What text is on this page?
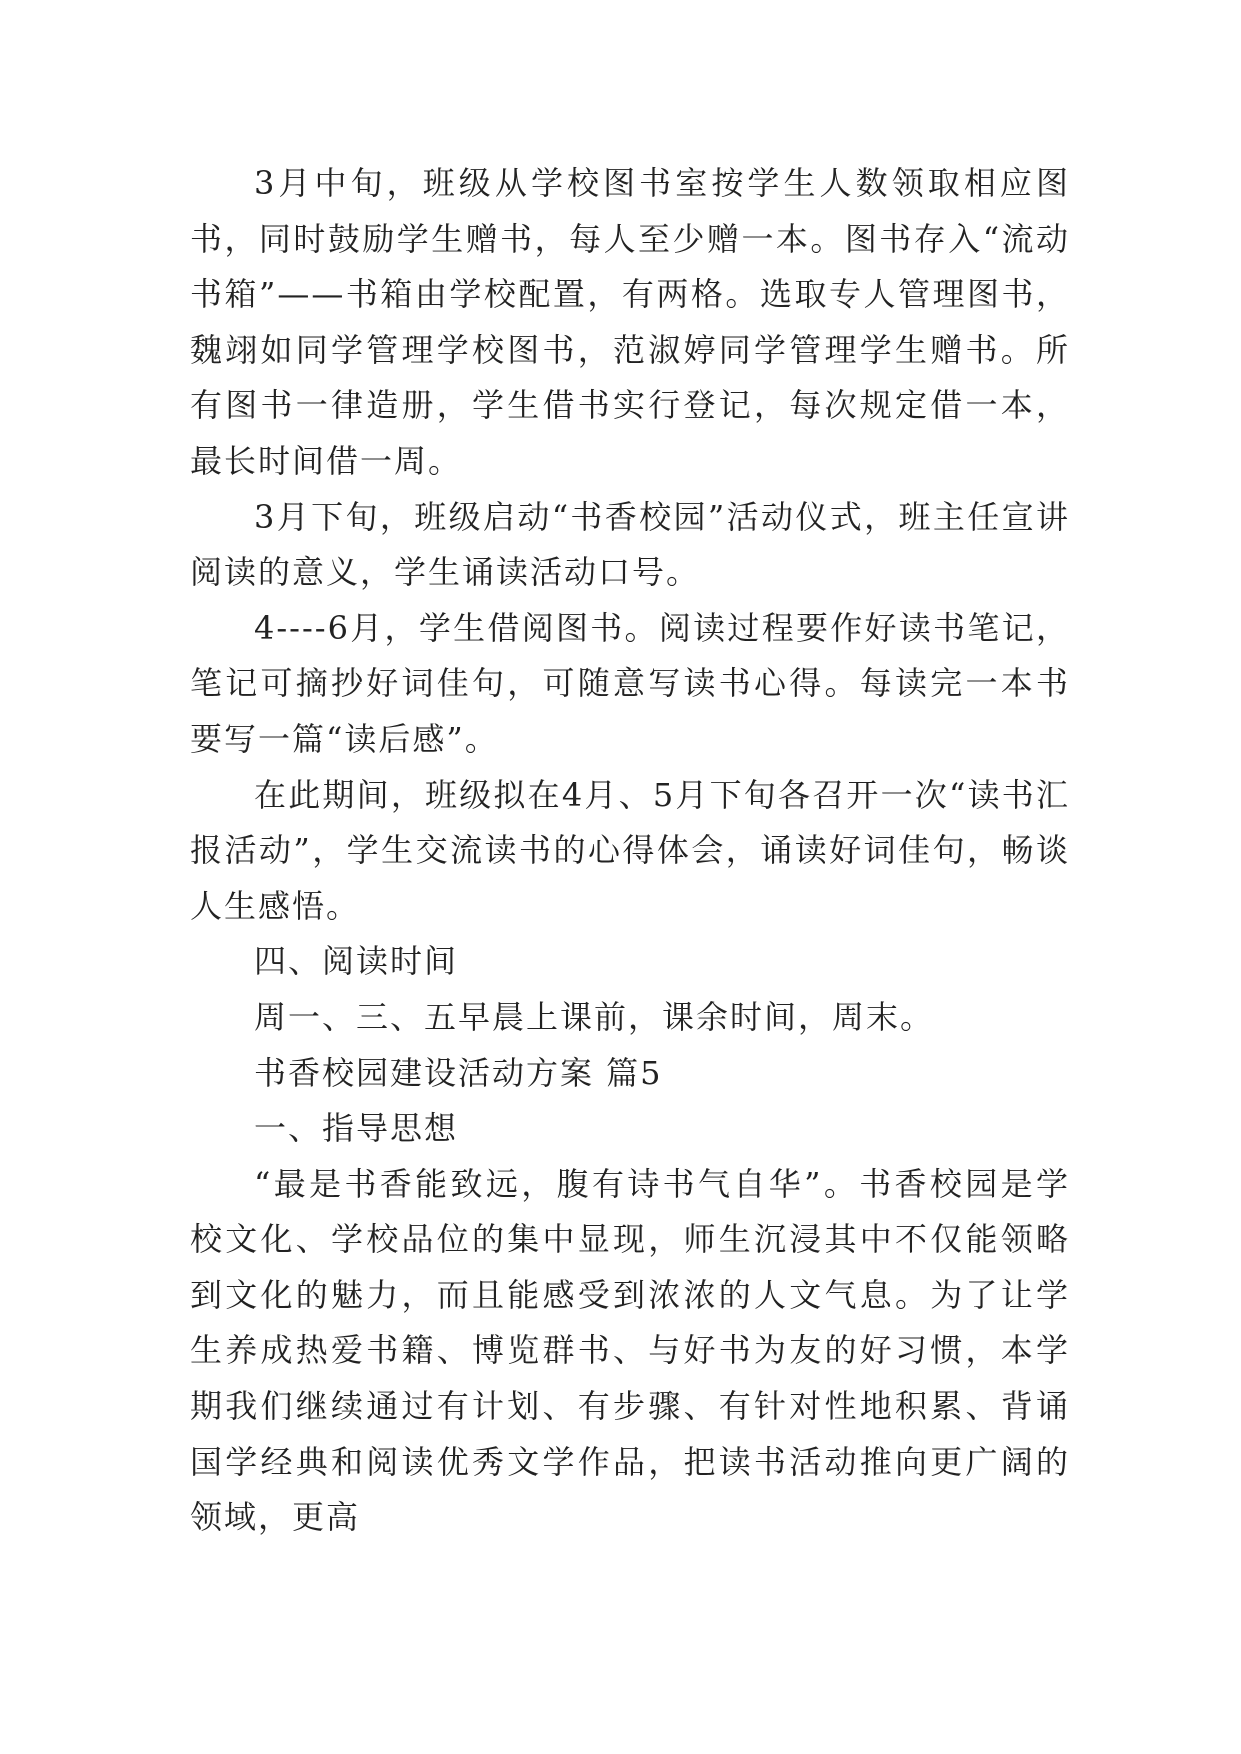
3月中旬，班级从学校图书室按学生人数领取相应图书，同时鼓励学生赠书，每人至少赠一本。图书存入“流动书箱”——书箱由学校配置，有两格。选取专人管理图书，魏翊如同学管理学校图书，范淑婷同学管理学生赠书。所有图书一律造册，学生借书实行登记，每次规定借一本，最长时间借一周。

3月下旬，班级启动“书香校园”活动仪式，班主任宣讲阅读的意义，学生诵读活动口号。

4----6月，学生借阅图书。阅读过程要作好读书笔记，笔记可摘抄好词佳句，可随意写读书心得。每读完一本书要写一篇“读后感”。

在此期间，班级拟在4月、5月下旬各召开一次“读书汇报活动”，学生交流读书的心得体会，诵读好词佳句，畅谈人生感悟。

四、阅读时间

周一、三、五早晨上课前，课余时间，周末。

书香校园建设活动方案 篇5

一、指导思想

“最是书香能致远，腹有诗书气自华”。书香校园是学校文化、学校品位的集中显现，师生沉浸其中不仅能领略到文化的魅力，而且能感受到浓浓的人文气息。为了让学生养成热爱书籍、博览群书、与好书为友的好习惯，本学期我们继续通过有计划、有步骤、有针对性地积累、背诵国学经典和阅读优秀文学作品，把读书活动推向更广阔的领域，更高
